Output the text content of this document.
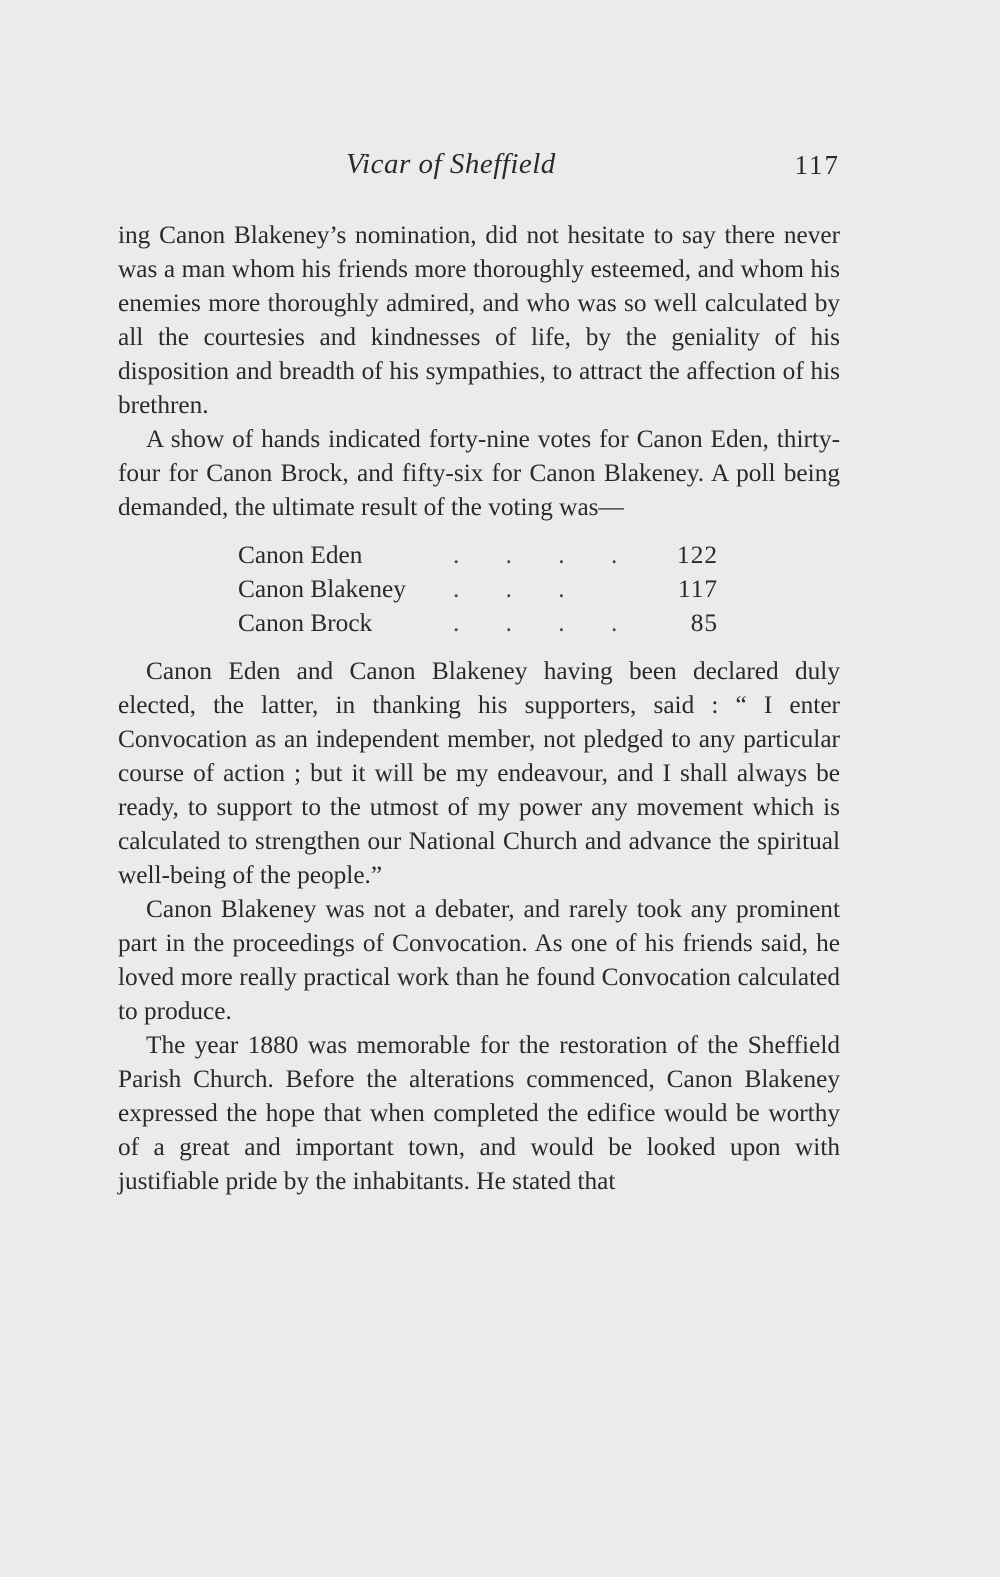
Vicar of Sheffield	117

ing Canon Blakeney’s nomination, did not hesitate to say there never was a man whom his friends more thoroughly esteemed, and whom his enemies more thoroughly admired, and who was so well calculated by all the courtesies and kindnesses of life, by the geniality of his disposition and breadth of his sympathies, to attract the affection of his brethren.

A show of hands indicated forty-nine votes for Canon Eden, thirty-four for Canon Brock, and fifty-six for Canon Blakeney. A poll being demanded, the ultimate result of the voting was—

Canon Eden	. . . .	122
Canon Blakeney	. . .	117
Canon Brock	. . . .	85

Canon Eden and Canon Blakeney having been declared duly elected, the latter, in thanking his supporters, said : “ I enter Convocation as an independent member, not pledged to any particular course of action ; but it will be my endeavour, and I shall always be ready, to support to the utmost of my power any movement which is calculated to strengthen our National Church and advance the spiritual well-being of the people.”

Canon Blakeney was not a debater, and rarely took any prominent part in the proceedings of Convocation. As one of his friends said, he loved more really practical work than he found Convocation calculated to produce.

The year 1880 was memorable for the restoration of the Sheffield Parish Church. Before the alterations commenced, Canon Blakeney expressed the hope that when completed the edifice would be worthy of a great and important town, and would be looked upon with justifiable pride by the inhabitants. He stated that
